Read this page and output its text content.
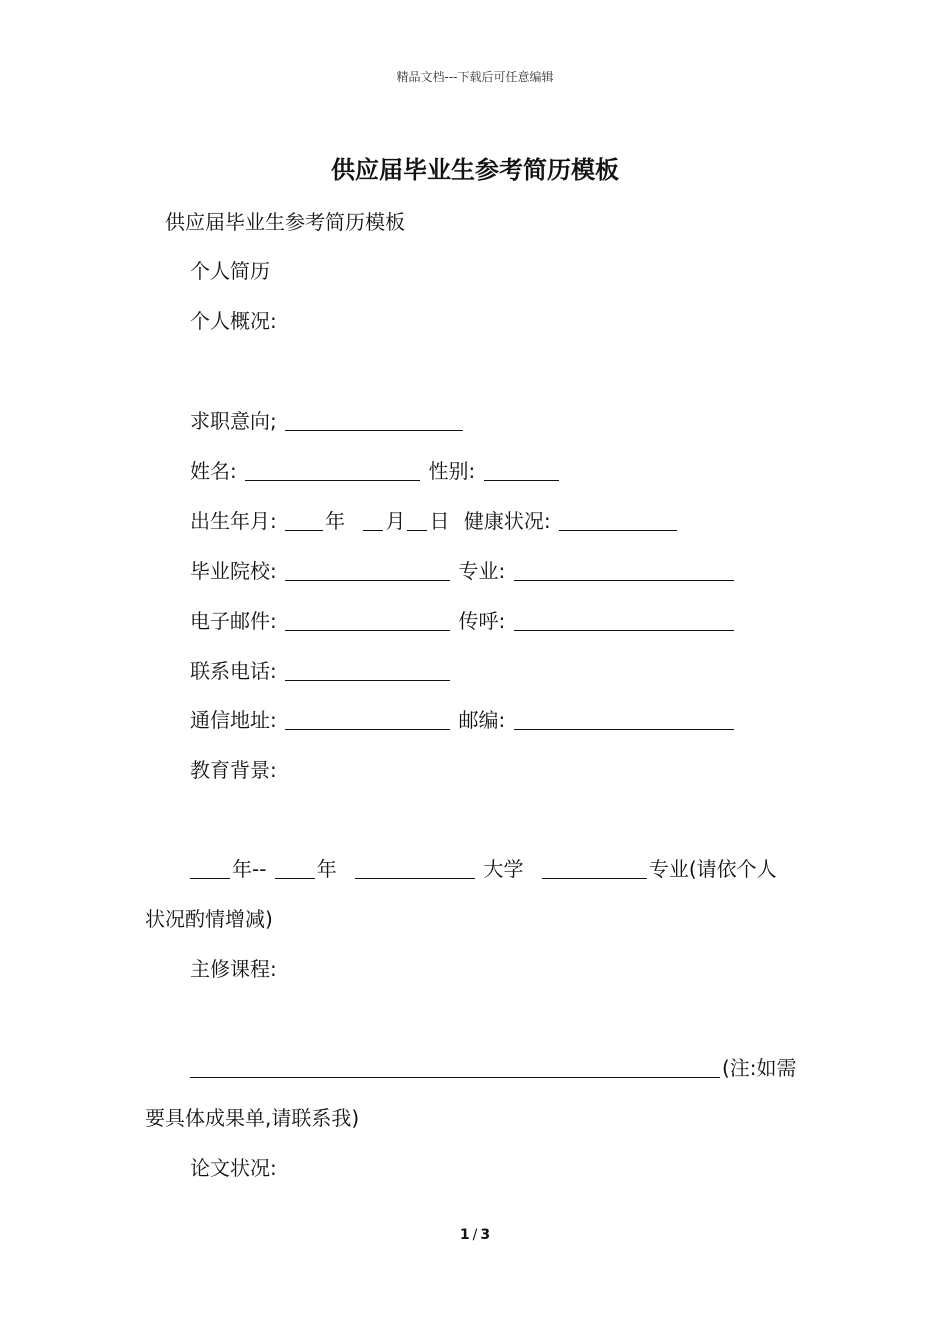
精品文档---下载后可任意编辑
供应届毕业生参考简历模板
供应届毕业生参考简历模板
个人简历
个人概况:
求职意向;
姓名:	性别:
出生年月: 年 月 日 健康状况:
毕业院校:	专业:
电子邮件:	传呼:
联系电话:
通信地址:	邮编:
教育背景:
年--	年	大学	专业(请依个人
状况酌情增减)
主修课程:
(注:如需
要具体成果单,请联系我)
论文状况:
1 / 3
